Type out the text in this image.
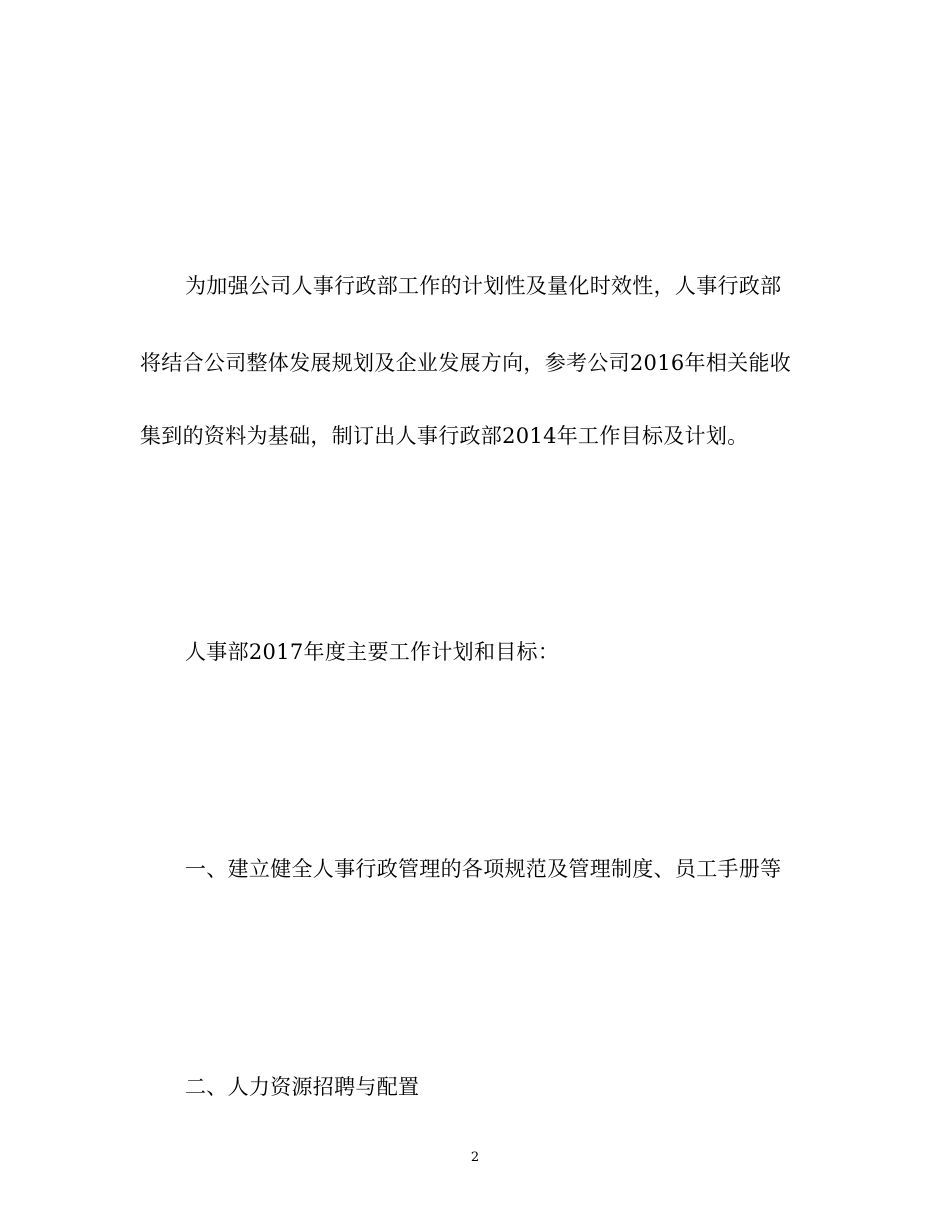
为加强公司人事行政部工作的计划性及量化时效性，人事行政部
将结合公司整体发展规划及企业发展方向，参考公司2016年相关能收
集到的资料为基础，制订出人事行政部2014年工作目标及计划。
人事部2017年度主要工作计划和目标：
一、建立健全人事行政管理的各项规范及管理制度、员工手册等
二、人力资源招聘与配置
2
